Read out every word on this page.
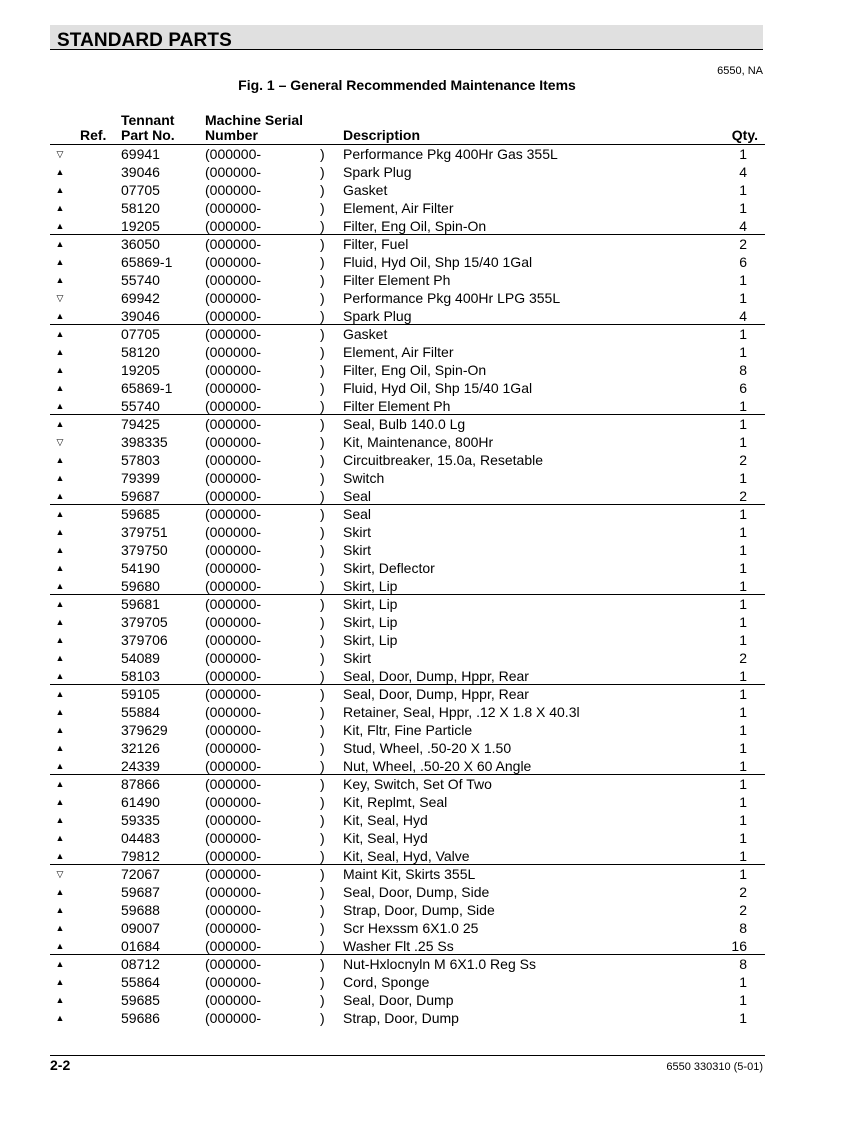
STANDARD PARTS
6550, NA
Fig. 1 – General Recommended Maintenance Items
Ref.
Tennant
Part No.
Machine Serial
Number	Description	Qty.
▽	69941	(000000-	) Performance Pkg 400Hr Gas 355L	1
▲	39046	(000000-	) Spark Plug	4
▲	07705	(000000-	) Gasket	1
▲	58120	(000000-	) Element, Air Filter	1
▲	19205	(000000-	) Filter, Eng Oil, Spin-On	4
▲	36050	(000000-	) Filter, Fuel	2
▲	65869-1 (000000-	) Fluid, Hyd Oil, Shp 15/40 1Gal	6
▲	55740	(000000-	) Filter Element Ph	1
▽	69942	(000000-	) Performance Pkg 400Hr LPG 355L	1
▲	39046	(000000-	) Spark Plug	4
▲	07705	(000000-	) Gasket	1
▲	58120	(000000-	) Element, Air Filter	1
▲	19205	(000000-	) Filter, Eng Oil, Spin-On	8
▲	65869-1 (000000-	) Fluid, Hyd Oil, Shp 15/40 1Gal	6
▲	55740	(000000-	) Filter Element Ph	1
▲	79425	(000000-	) Seal, Bulb 140.0 Lg	1
▽	398335	(000000-	) Kit, Maintenance, 800Hr	1
▲	57803	(000000-	) Circuitbreaker, 15.0a, Resetable	2
▲	79399	(000000-	) Switch	1
▲	59687	(000000-	) Seal	2
▲	59685	(000000-	) Seal	1
▲	379751	(000000-	) Skirt	1
▲	379750	(000000-	) Skirt	1
▲	54190	(000000-	) Skirt, Deflector	1
▲	59680	(000000-	) Skirt, Lip	1
▲	59681	(000000-	) Skirt, Lip	1
▲	379705	(000000-	) Skirt, Lip	1
▲	379706	(000000-	) Skirt, Lip	1
▲	54089	(000000-	) Skirt	2
▲	58103	(000000-	) Seal, Door, Dump, Hppr, Rear	1
▲	59105	(000000-	) Seal, Door, Dump, Hppr, Rear	1
▲	55884	(000000-	) Retainer, Seal, Hppr, .12 X 1.8 X 40.3l	1
▲	379629	(000000-	) Kit, Fltr, Fine Particle	1
▲	32126	(000000-	) Stud, Wheel, .50-20 X 1.50	1
▲	24339	(000000-	) Nut, Wheel, .50-20 X 60 Angle	1
▲	87866	(000000-	) Key, Switch, Set Of Two	1
▲	61490	(000000-	) Kit, Replmt, Seal	1
▲	59335	(000000-	) Kit, Seal, Hyd	1
▲	04483	(000000-	) Kit, Seal, Hyd	1
▲	79812	(000000-	) Kit, Seal, Hyd, Valve	1
▽	72067	(000000-	) Maint Kit, Skirts 355L	1
▲	59687	(000000-	) Seal, Door, Dump, Side	2
▲	59688	(000000-	) Strap, Door, Dump, Side	2
▲	09007	(000000-	) Scr Hexssm 6X1.0 25	8
▲	01684	(000000-	) Washer Flt .25 Ss	16
▲	08712	(000000-	) Nut-Hxlocnyln M 6X1.0 Reg Ss	8
▲	55864	(000000-	) Cord, Sponge	1
▲	59685	(000000-	) Seal, Door, Dump	1
▲	59686	(000000-	) Strap, Door, Dump	1
2-2	6550 330310 (5-01)
